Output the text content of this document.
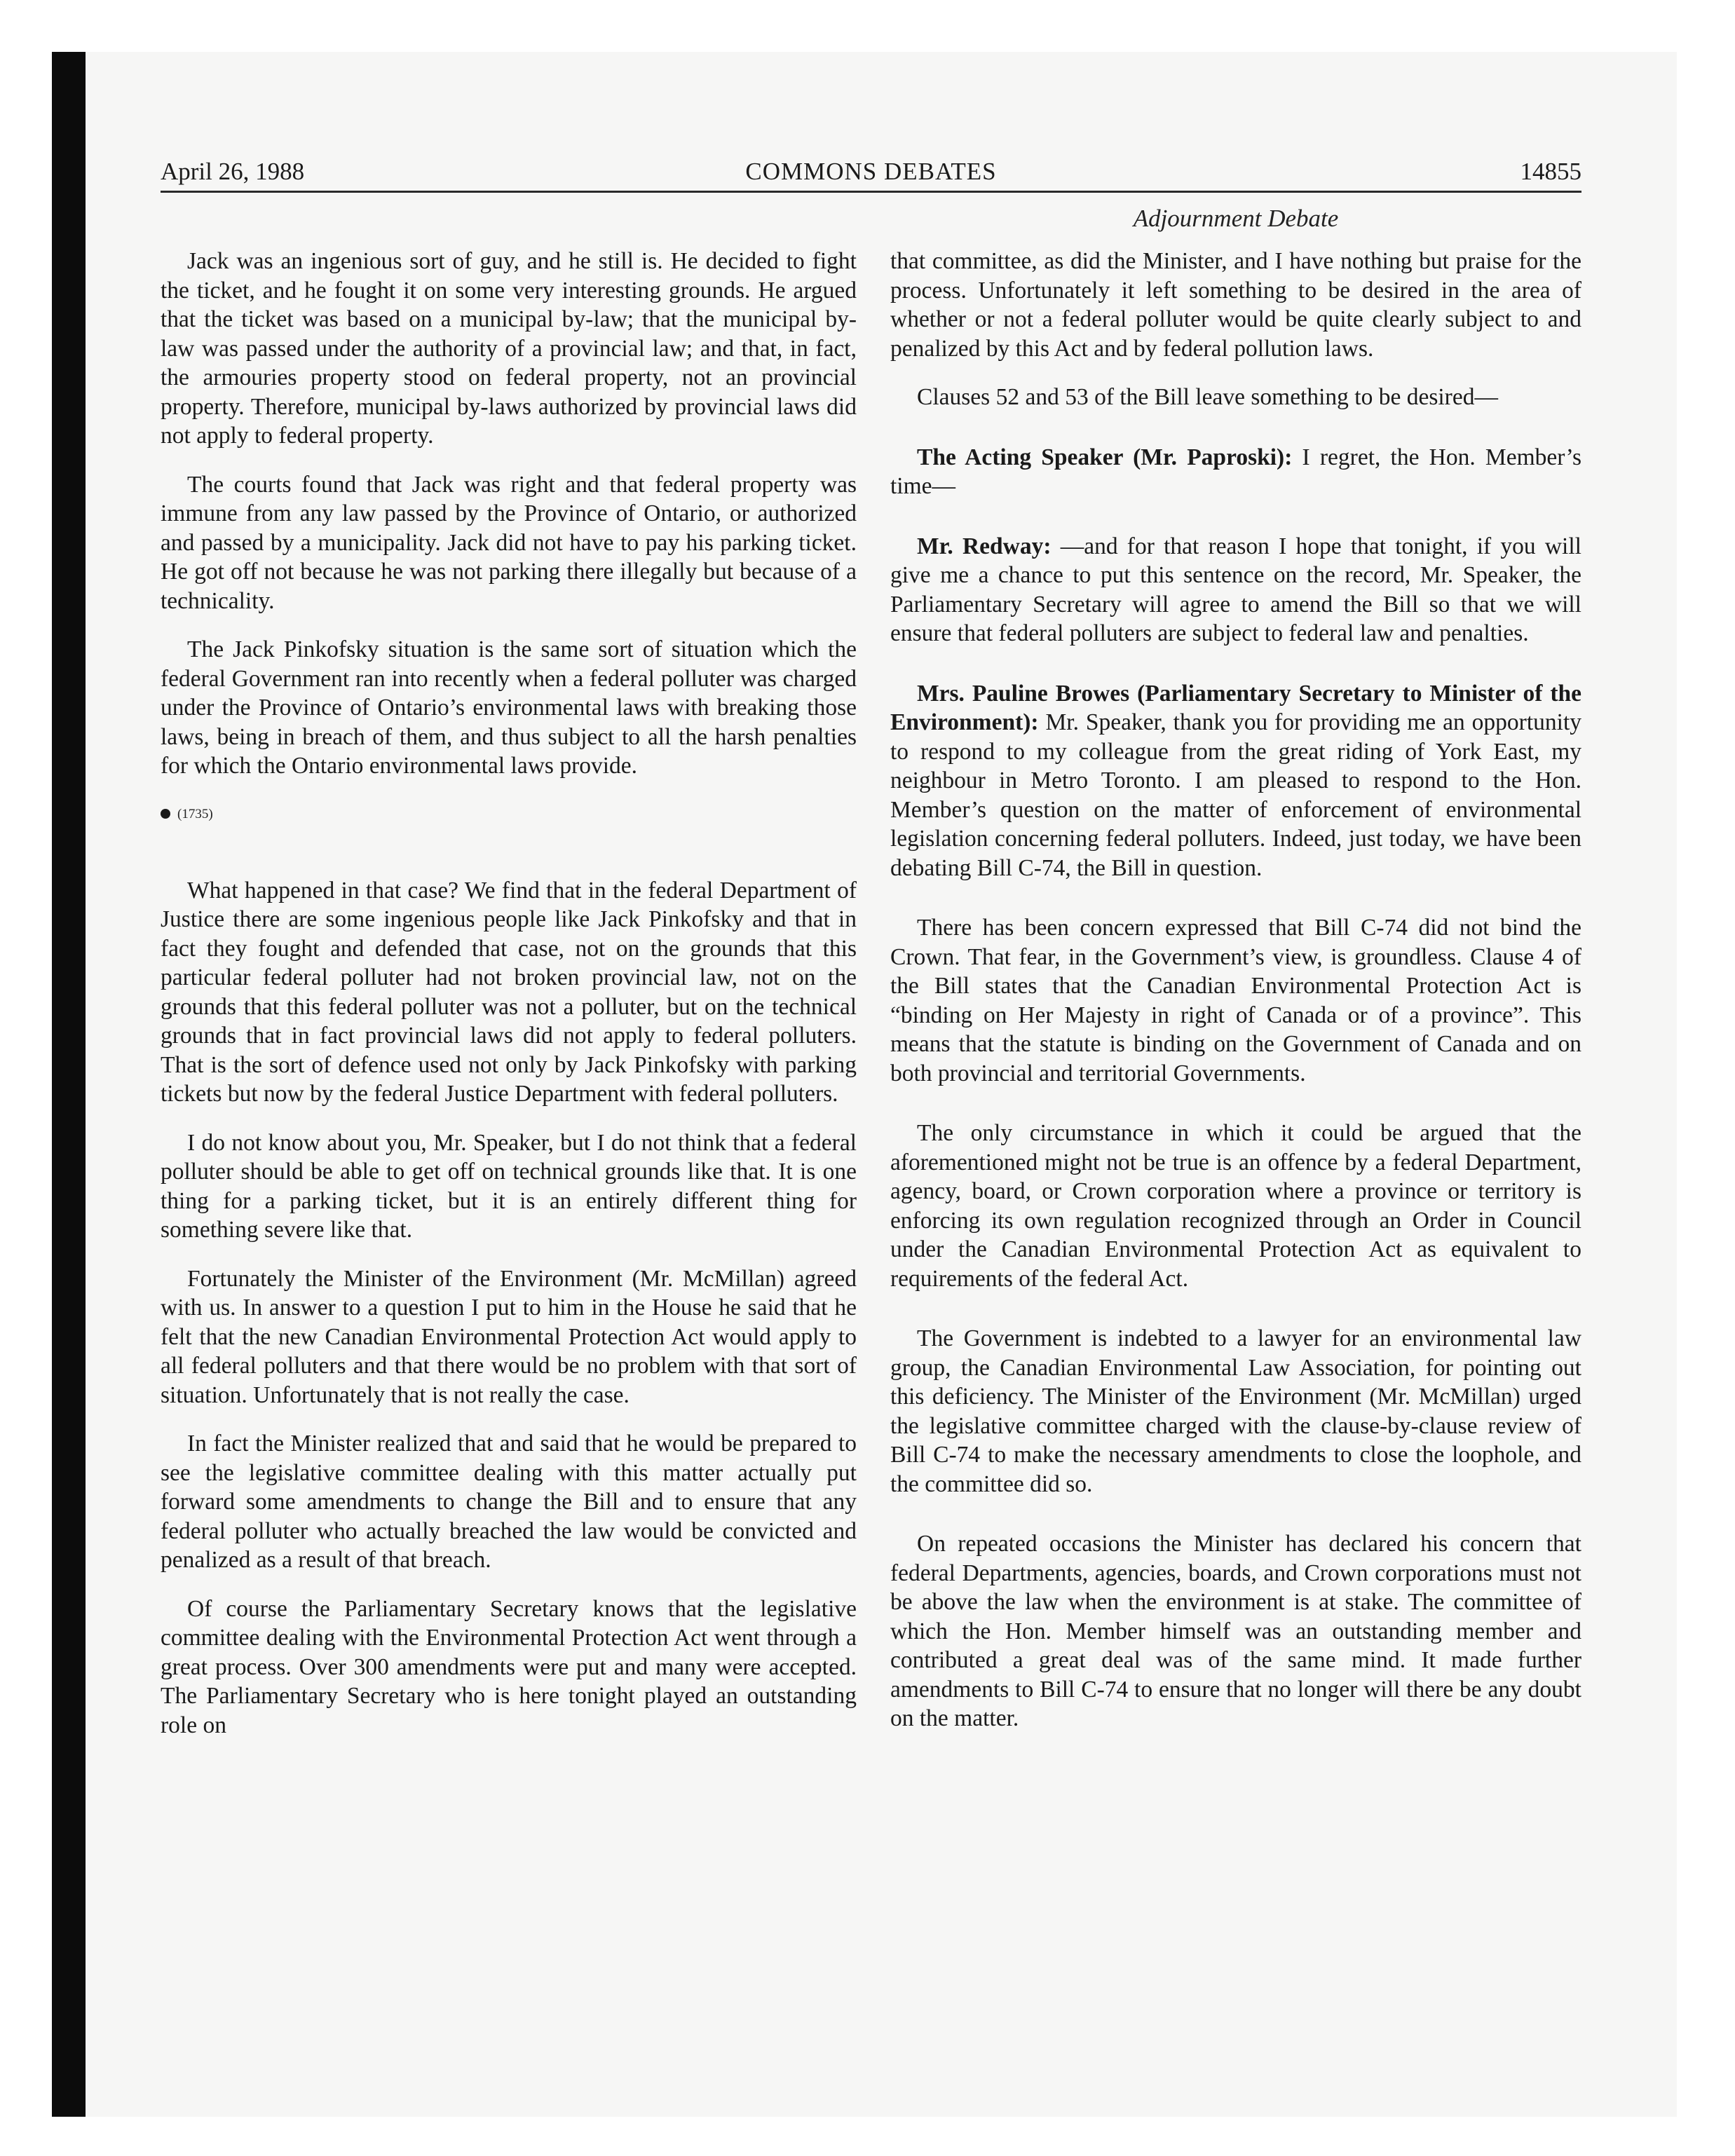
April 26, 1988	COMMONS DEBATES	14855
Adjournment Debate

Jack was an ingenious sort of guy, and he still is. He decided to fight the ticket, and he fought it on some very interesting grounds. He argued that the ticket was based on a municipal by-law; that the municipal by-law was passed under the authority of a provincial law; and that, in fact, the armouries property stood on federal property, not an provincial property. Therefore, municipal by-laws authorized by provincial laws did not apply to federal property.

The courts found that Jack was right and that federal property was immune from any law passed by the Province of Ontario, or authorized and passed by a municipality. Jack did not have to pay his parking ticket. He got off not because he was not parking there illegally but because of a technicality.

The Jack Pinkofsky situation is the same sort of situation which the federal Government ran into recently when a federal polluter was charged under the Province of Ontario’s environmental laws with breaking those laws, being in breach of them, and thus subject to all the harsh penalties for which the Ontario environmental laws provide.

(1735)

What happened in that case? We find that in the federal Department of Justice there are some ingenious people like Jack Pinkofsky and that in fact they fought and defended that case, not on the grounds that this particular federal polluter had not broken provincial law, not on the grounds that this federal polluter was not a polluter, but on the technical grounds that in fact provincial laws did not apply to federal polluters. That is the sort of defence used not only by Jack Pinkofsky with parking tickets but now by the federal Justice Department with federal polluters.

I do not know about you, Mr. Speaker, but I do not think that a federal polluter should be able to get off on technical grounds like that. It is one thing for a parking ticket, but it is an entirely different thing for something severe like that.

Fortunately the Minister of the Environment (Mr. McMillan) agreed with us. In answer to a question I put to him in the House he said that he felt that the new Canadian Environmental Protection Act would apply to all federal polluters and that there would be no problem with that sort of situation. Unfortunately that is not really the case.

In fact the Minister realized that and said that he would be prepared to see the legislative committee dealing with this matter actually put forward some amendments to change the Bill and to ensure that any federal polluter who actually breached the law would be convicted and penalized as a result of that breach.

Of course the Parliamentary Secretary knows that the legislative committee dealing with the Environmental Protection Act went through a great process. Over 300 amendments were put and many were accepted. The Parliamentary Secretary who is here tonight played an outstanding role on

that committee, as did the Minister, and I have nothing but praise for the process. Unfortunately it left something to be desired in the area of whether or not a federal polluter would be quite clearly subject to and penalized by this Act and by federal pollution laws.

Clauses 52 and 53 of the Bill leave something to be desired—

The Acting Speaker (Mr. Paproski): I regret, the Hon. Member’s time—

Mr. Redway: —and for that reason I hope that tonight, if you will give me a chance to put this sentence on the record, Mr. Speaker, the Parliamentary Secretary will agree to amend the Bill so that we will ensure that federal polluters are subject to federal law and penalties.

Mrs. Pauline Browes (Parliamentary Secretary to Minister of the Environment): Mr. Speaker, thank you for providing me an opportunity to respond to my colleague from the great riding of York East, my neighbour in Metro Toronto. I am pleased to respond to the Hon. Member’s question on the matter of enforcement of environmental legislation concerning federal polluters. Indeed, just today, we have been debating Bill C-74, the Bill in question.

There has been concern expressed that Bill C-74 did not bind the Crown. That fear, in the Government’s view, is groundless. Clause 4 of the Bill states that the Canadian Environmental Protection Act is “binding on Her Majesty in right of Canada or of a province”. This means that the statute is binding on the Government of Canada and on both provincial and territorial Governments.

The only circumstance in which it could be argued that the aforementioned might not be true is an offence by a federal Department, agency, board, or Crown corporation where a province or territory is enforcing its own regulation recognized through an Order in Council under the Canadian Environmental Protection Act as equivalent to requirements of the federal Act.

The Government is indebted to a lawyer for an environmental law group, the Canadian Environmental Law Association, for pointing out this deficiency. The Minister of the Environment (Mr. McMillan) urged the legislative committee charged with the clause-by-clause review of Bill C-74 to make the necessary amendments to close the loophole, and the committee did so.

On repeated occasions the Minister has declared his concern that federal Departments, agencies, boards, and Crown corporations must not be above the law when the environment is at stake. The committee of which the Hon. Member himself was an outstanding member and contributed a great deal was of the same mind. It made further amendments to Bill C-74 to ensure that no longer will there be any doubt on the matter.
